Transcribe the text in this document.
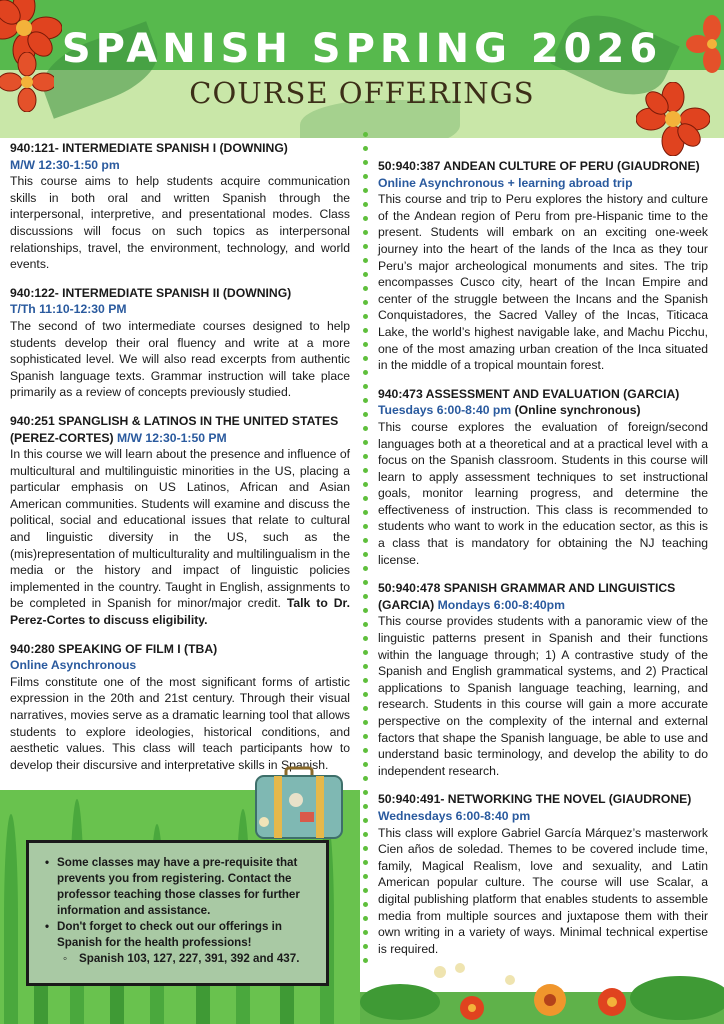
SPANISH SPRING 2026
COURSE OFFERINGS
940:121- INTERMEDIATE SPANISH I (DOWNING)
M/W 12:30-1:50 pm
This course aims to help students acquire communication skills in both oral and written Spanish through the interpersonal, interpretive, and presentational modes. Class discussions will focus on such topics as interpersonal relationships, travel, the environment, technology, and world events.
940:122- INTERMEDIATE SPANISH II (DOWNING)
T/Th 11:10-12:30 PM
The second of two intermediate courses designed to help students develop their oral fluency and write at a more sophisticated level. We will also read excerpts from authentic Spanish language texts. Grammar instruction will take place primarily as a review of concepts previously studied.
940:251 SPANGLISH & LATINOS IN THE UNITED STATES (PEREZ-CORTES) M/W 12:30-1:50 PM
In this course we will learn about the presence and influence of multicultural and multilinguistic minorities in the US, placing a particular emphasis on US Latinos, African and Asian American communities. Students will examine and discuss the political, social and educational issues that relate to cultural and linguistic diversity in the US, such as the (mis)representation of multiculturality and multilingualism in the media or the history and impact of linguistic policies implemented in the country. Taught in English, assignments to be completed in Spanish for minor/major credit. Talk to Dr. Perez-Cortes to discuss eligibility.
940:280 SPEAKING OF FILM I (TBA)
Online Asynchronous
Films constitute one of the most significant forms of artistic expression in the 20th and 21st century. Through their visual narratives, movies serve as a dramatic learning tool that allows students to explore ideologies, historical conditions, and aesthetic values. This class will teach participants how to develop their discursive and interpretative skills in Spanish.
50:940:387 ANDEAN CULTURE OF PERU (GIAUDRONE)
Online Asynchronous + learning abroad trip
This course and trip to Peru explores the history and culture of the Andean region of Peru from pre-Hispanic time to the present. Students will embark on an exciting one-week journey into the heart of the lands of the Inca as they tour Peru’s major archeological monuments and sites. The trip encompasses Cusco city, heart of the Incan Empire and center of the struggle between the Incans and the Spanish Conquistadores, the Sacred Valley of the Incas, Titicaca Lake, the world’s highest navigable lake, and Machu Picchu, one of the most amazing urban creation of the Inca situated in the middle of a tropical mountain forest.
940:473 ASSESSMENT AND EVALUATION (GARCIA)
Tuesdays 6:00-8:40 pm (Online synchronous)
This course explores the evaluation of foreign/second languages both at a theoretical and at a practical level with a focus on the Spanish classroom. Students in this course will learn to apply assessment techniques to set instructional goals, monitor learning progress, and determine the effectiveness of instruction. This class is recommended to students who want to work in the education sector, as this is a class that is mandatory for obtaining the NJ teaching license.
50:940:478 SPANISH GRAMMAR AND LINGUISTICS (GARCIA) Mondays 6:00-8:40pm
This course provides students with a panoramic view of the linguistic patterns present in Spanish and their functions within the language through; 1) A contrastive study of the Spanish and English grammatical systems, and 2) Practical applications to Spanish language teaching, learning, and research. Students in this course will gain a more accurate perspective on the complexity of the internal and external factors that shape the Spanish language, be able to use and understand basic terminology, and develop the ability to do independent research.
50:940:491- NETWORKING THE NOVEL (GIAUDRONE)
Wednesdays 6:00-8:40 pm
This class will explore Gabriel García Márquez’s masterwork Cien años de soledad. Themes to be covered include time, family, Magical Realism, love and sexuality, and Latin American popular culture. The course will use Scalar, a digital publishing platform that enables students to assemble media from multiple sources and juxtapose them with their own writing in a variety of ways. Minimal technical expertise is required.
• Some classes may have a pre-requisite that prevents you from registering. Contact the professor teaching those classes for further information and assistance.
• Don't forget to check out our offerings in Spanish for the health professions!
◦ Spanish 103, 127, 227, 391, 392 and 437.
